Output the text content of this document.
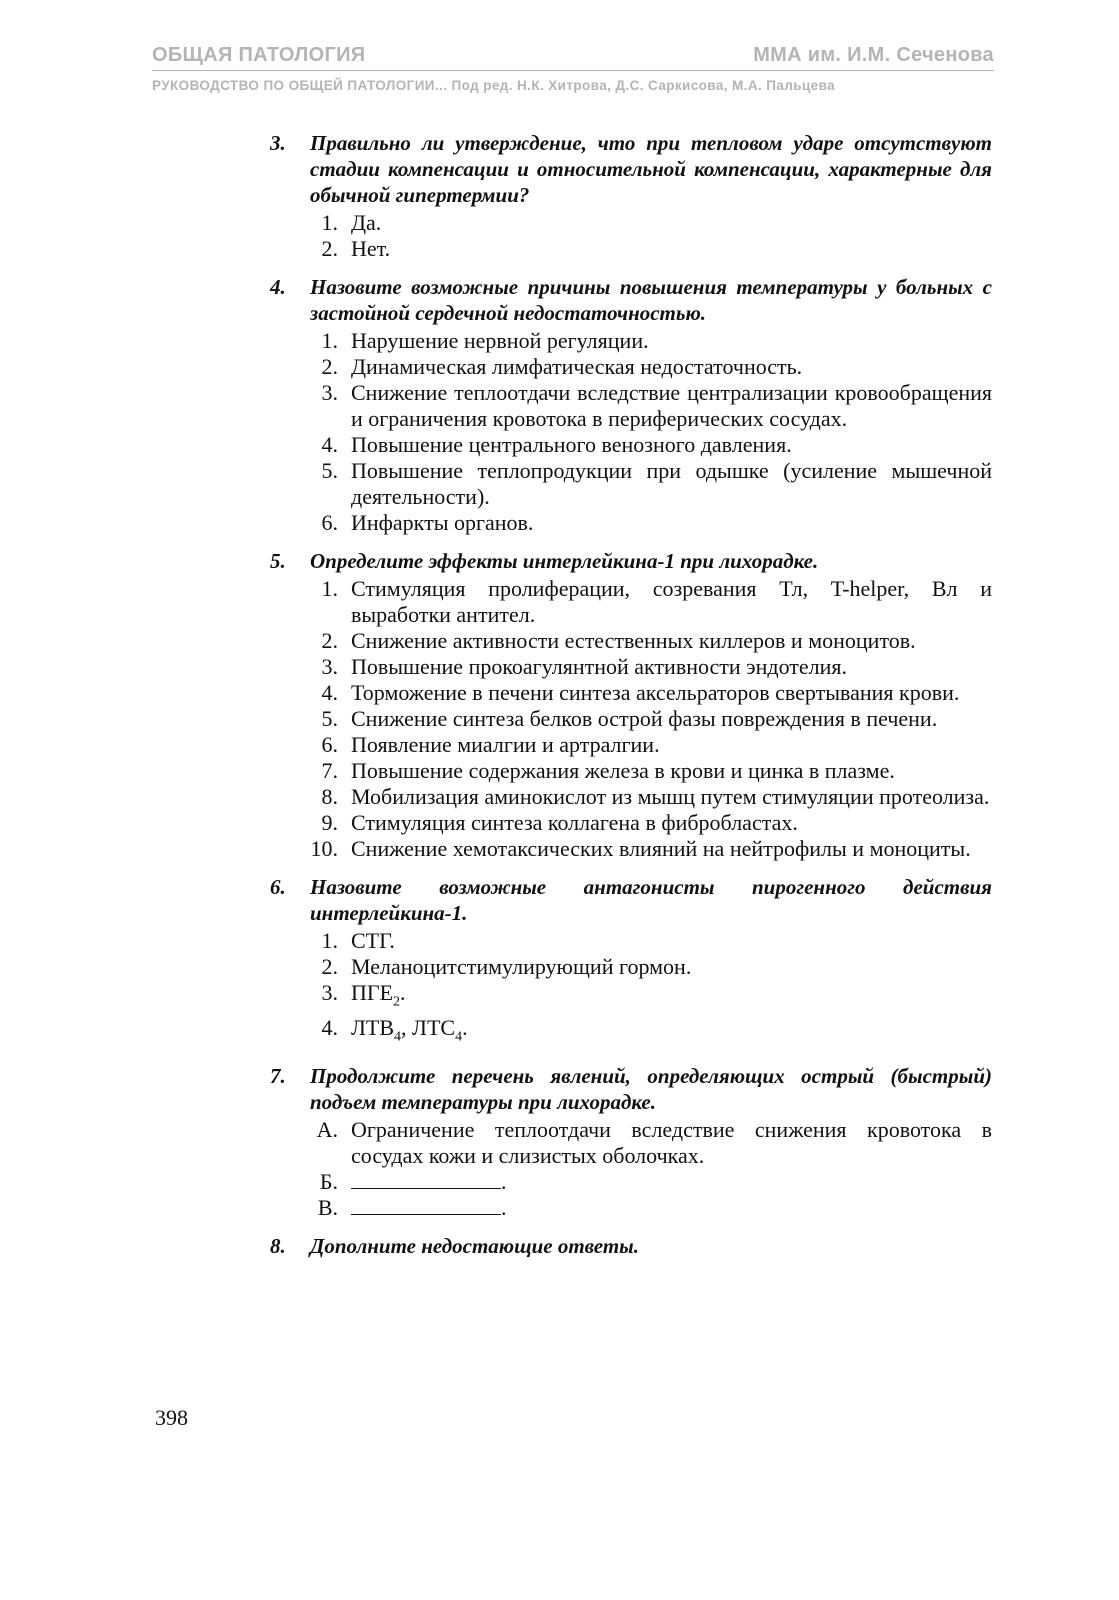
ОБЩАЯ ПАТОЛОГИЯ	ММА им. И.М. Сеченова
РУКОВОДСТВО ПО ОБЩЕЙ ПАТОЛОГИИ... Под ред. Н.К. Хитрова, Д.С. Саркисова, М.А. Пальцева
3. Правильно ли утверждение, что при тепловом ударе отсутствуют стадии компенсации и относительной компенсации, характерные для обычной гипертермии?
1. Да.
2. Нет.
4. Назовите возможные причины повышения температуры у больных с застойной сердечной недостаточностью.
1. Нарушение нервной регуляции.
2. Динамическая лимфатическая недостаточность.
3. Снижение теплоотдачи вследствие централизации кровообращения и ограничения кровотока в периферических сосудах.
4. Повышение центрального венозного давления.
5. Повышение теплопродукции при одышке (усиление мышечной деятельности).
6. Инфаркты органов.
5. Определите эффекты интерлейкина-1 при лихорадке.
1. Стимуляция пролиферации, созревания Тл, T-helper, Вл и выработки антител.
2. Снижение активности естественных киллеров и моноцитов.
3. Повышение прокоагулянтной активности эндотелия.
4. Торможение в печени синтеза аксельраторов свертывания крови.
5. Снижение синтеза белков острой фазы повреждения в печени.
6. Появление миалгии и артралгии.
7. Повышение содержания железа в крови и цинка в плазме.
8. Мобилизация аминокислот из мышц путем стимуляции протеолиза.
9. Стимуляция синтеза коллагена в фибробластах.
10. Снижение хемотаксических влияний на нейтрофилы и моноциты.
6. Назовите возможные антагонисты пирогенного действия интерлейкина-1.
1. СТГ.
2. Меланоцитстимулирующий гормон.
3. $ПГЕ_2$.
4. $ЛТВ_4$, $ЛТС_4$.
7. Продолжите перечень явлений, определяющих острый (быстрый) подъем температуры при лихорадке.
А. Ограничение теплоотдачи вследствие снижения кровотока в сосудах кожи и слизистых оболочках.
Б.	.
В.	.
8. Дополните недостающие ответы.
398
